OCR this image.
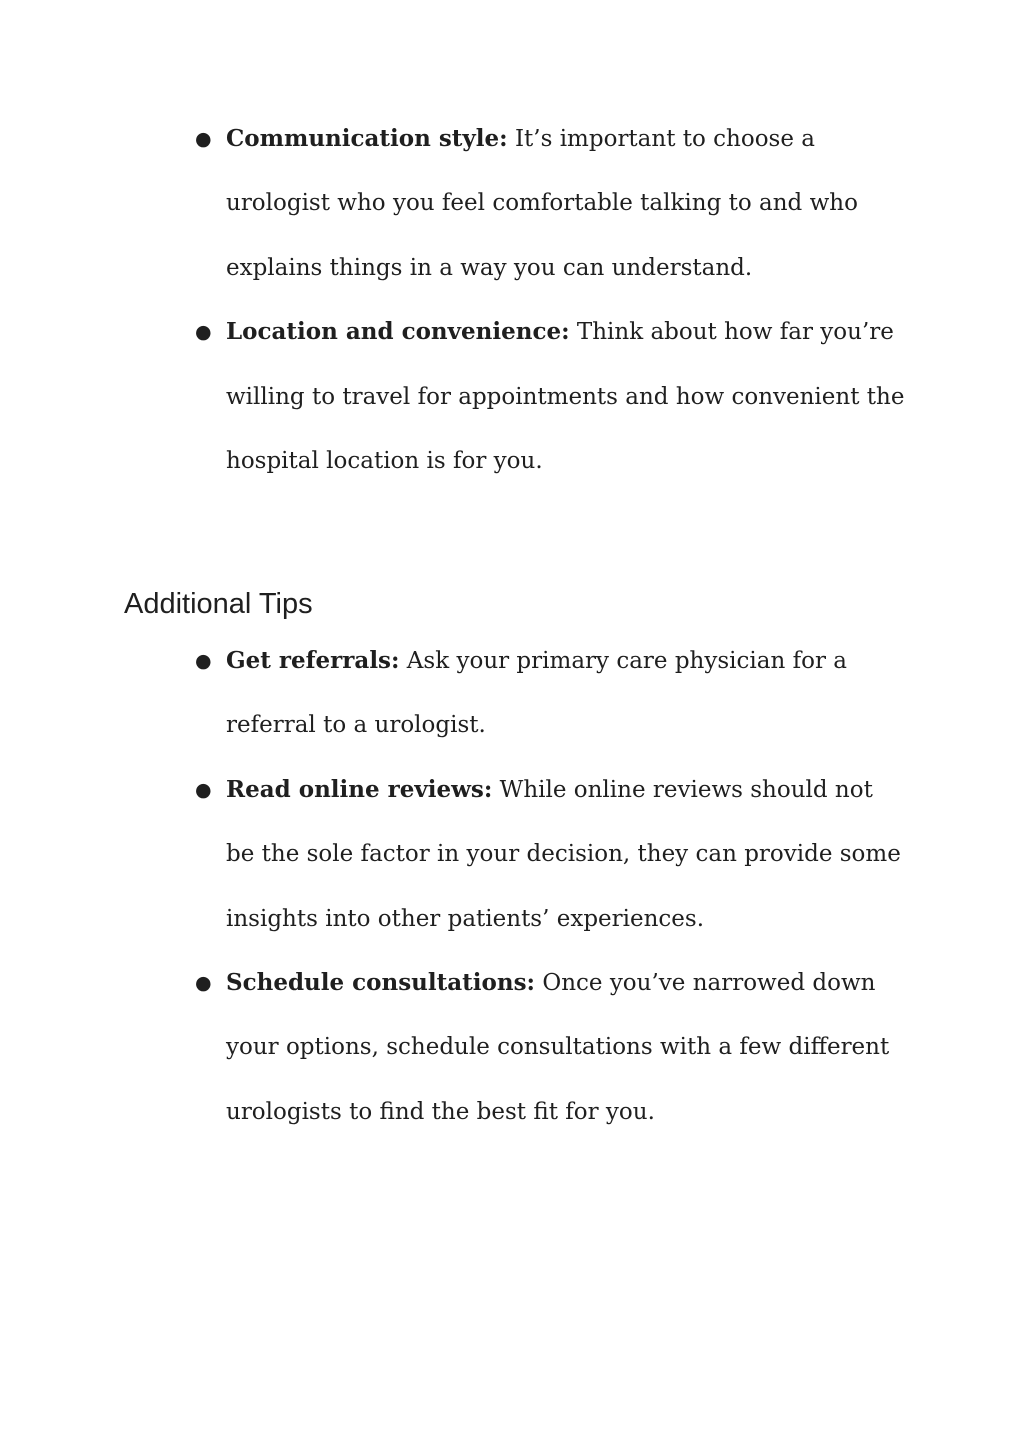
● Communication style: It’s important to choose a urologist who you feel comfortable talking to and who explains things in a way you can understand.
● Location and convenience: Think about how far you’re willing to travel for appointments and how convenient the hospital location is for you.
Additional Tips
● Get referrals: Ask your primary care physician for a referral to a urologist.
● Read online reviews: While online reviews should not be the sole factor in your decision, they can provide some insights into other patients’ experiences.
● Schedule consultations: Once you’ve narrowed down your options, schedule consultations with a few different urologists to find the best fit for you.
